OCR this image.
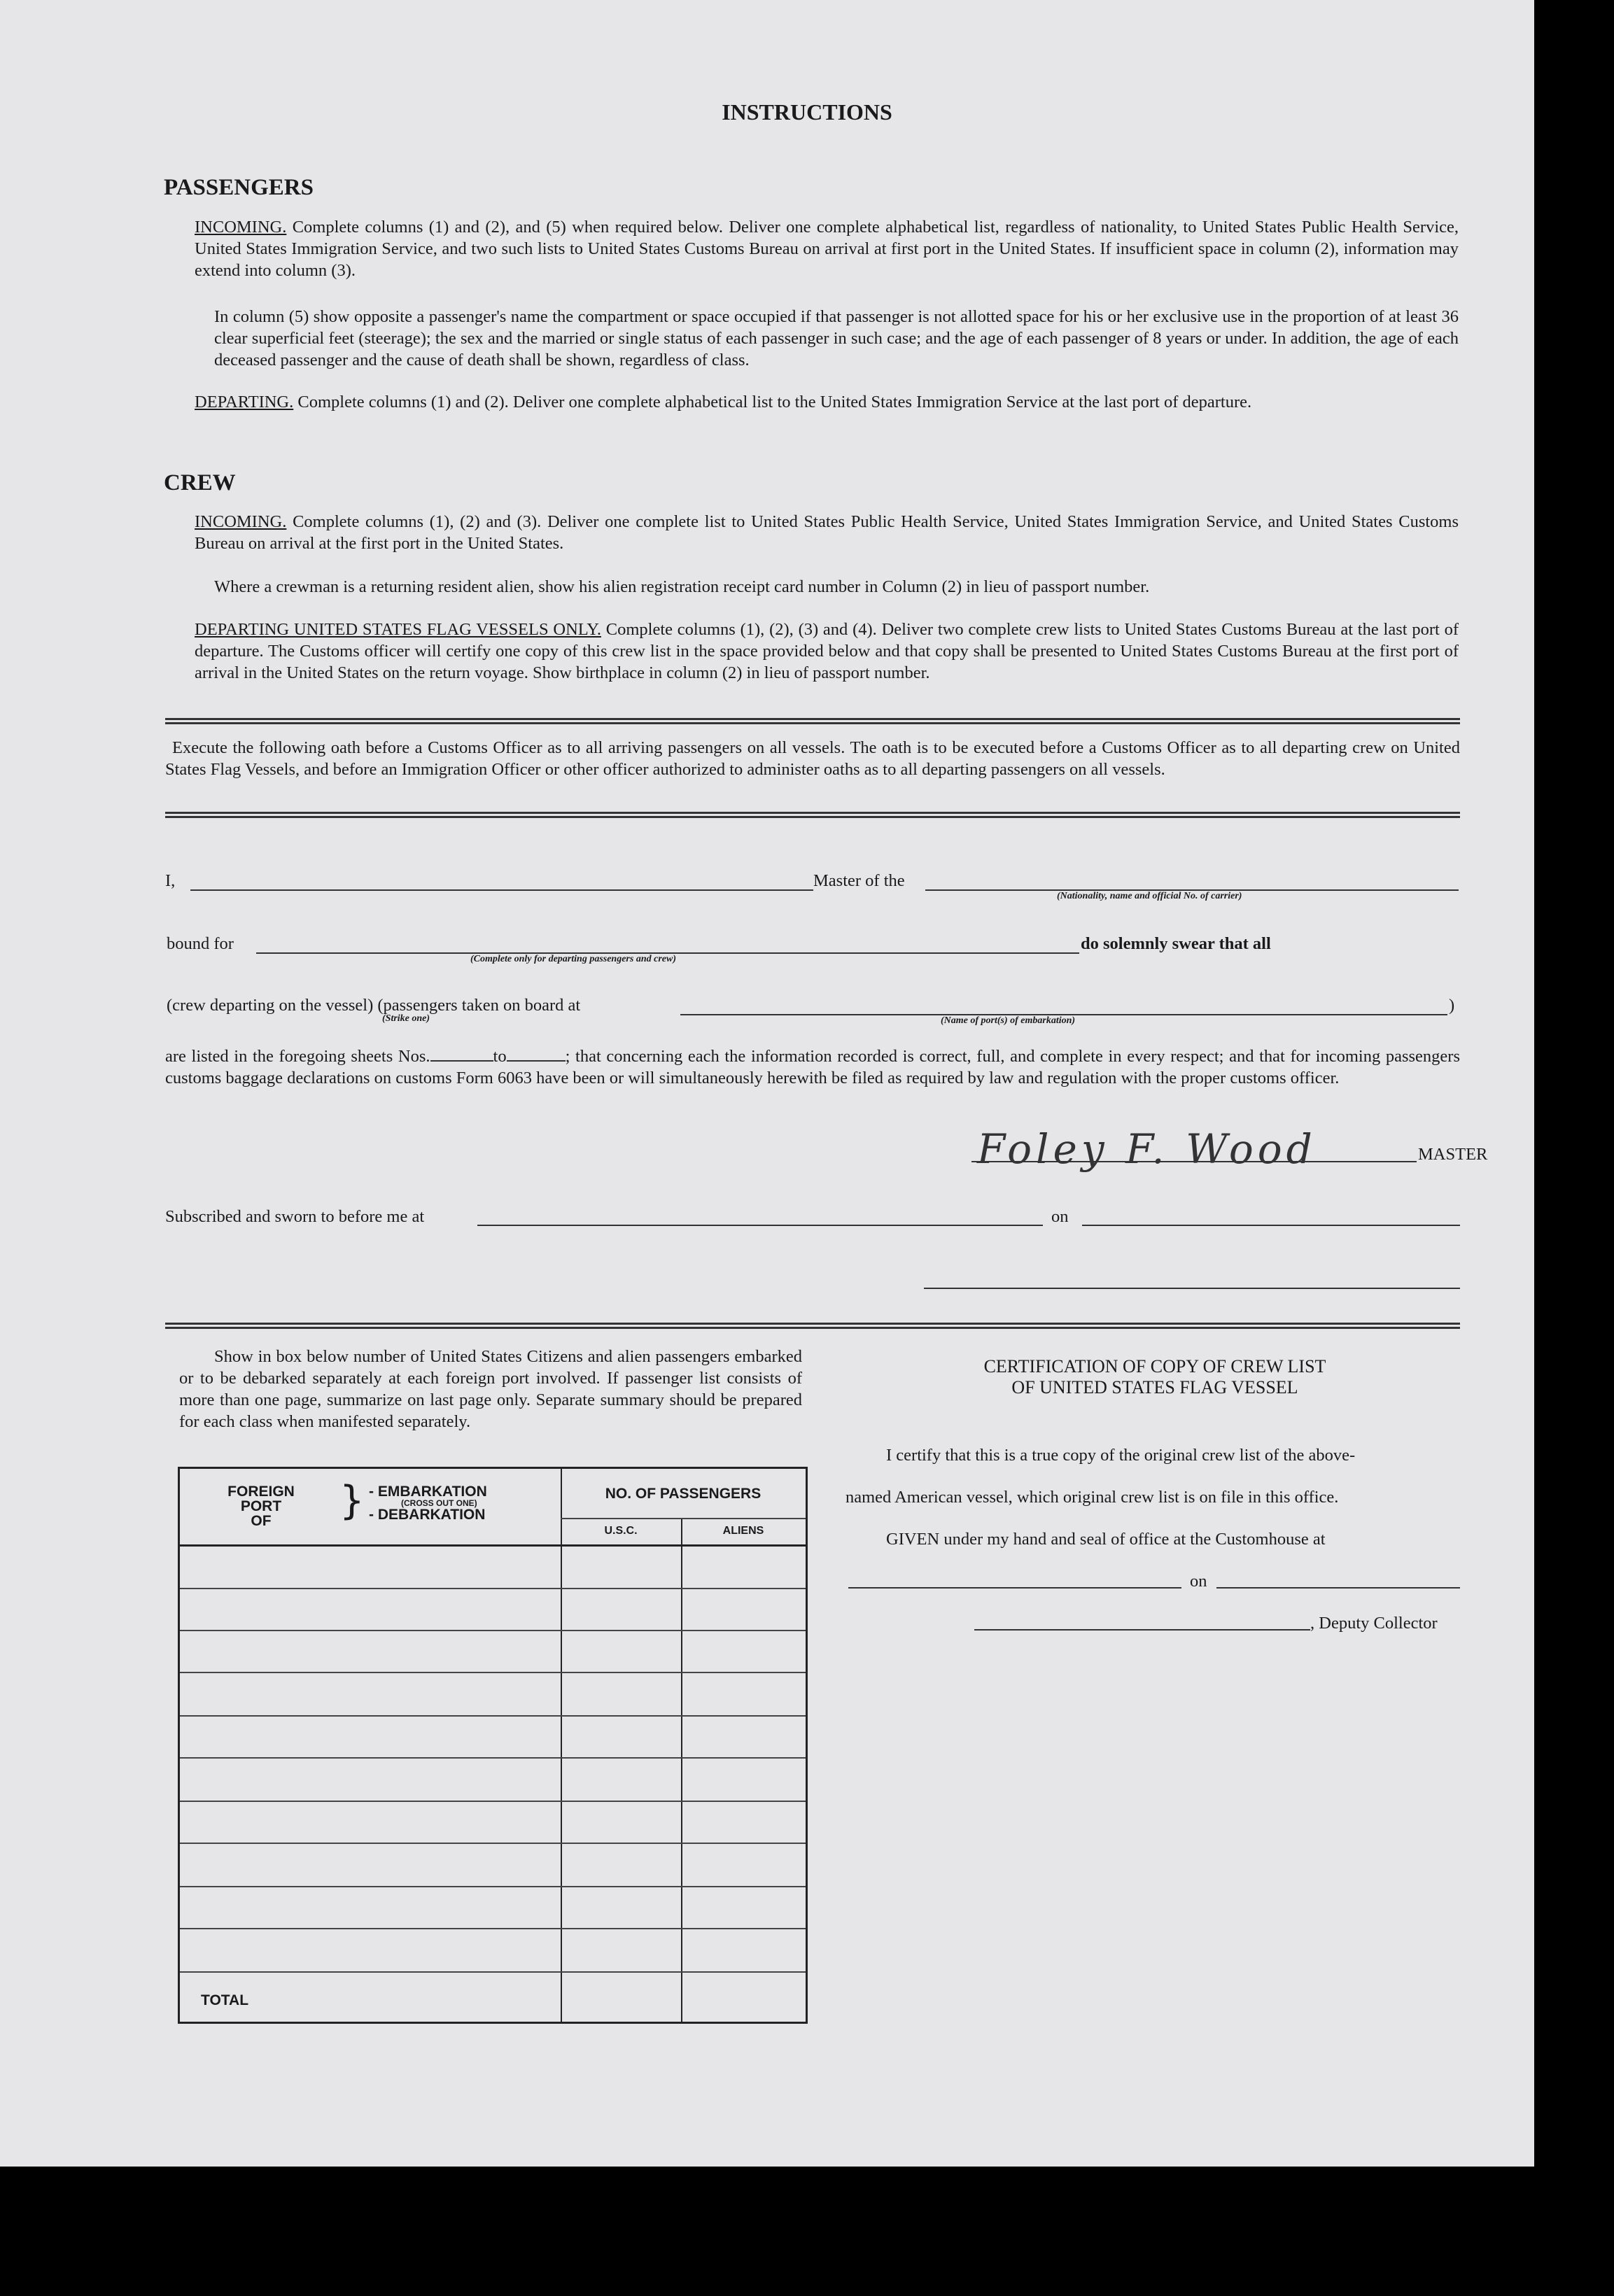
INSTRUCTIONS
PASSENGERS
INCOMING. Complete columns (1) and (2), and (5) when required below. Deliver one complete alphabetical list, regardless of nationality, to United States Public Health Service, United States Immigration Service, and two such lists to United States Customs Bureau on arrival at first port in the United States. If insufficient space in column (2), information may extend into column (3).
In column (5) show opposite a passenger's name the compartment or space occupied if that passenger is not allotted space for his or her exclusive use in the proportion of at least 36 clear superficial feet (steerage); the sex and the married or single status of each passenger in such case; and the age of each passenger of 8 years or under. In addition, the age of each deceased passenger and the cause of death shall be shown, regardless of class.
DEPARTING. Complete columns (1) and (2). Deliver one complete alphabetical list to the United States Immigration Service at the last port of departure.
CREW
INCOMING. Complete columns (1), (2) and (3). Deliver one complete list to United States Public Health Service, United States Immigration Service, and United States Customs Bureau on arrival at the first port in the United States.
Where a crewman is a returning resident alien, show his alien registration receipt card number in Column (2) in lieu of passport number.
DEPARTING UNITED STATES FLAG VESSELS ONLY. Complete columns (1), (2), (3) and (4). Deliver two complete crew lists to United States Customs Bureau at the last port of departure. The Customs officer will certify one copy of this crew list in the space provided below and that copy shall be presented to United States Customs Bureau at the first port of arrival in the United States on the return voyage. Show birthplace in column (2) in lieu of passport number.
Execute the following oath before a Customs Officer as to all arriving passengers on all vessels. The oath is to be executed before a Customs Officer as to all departing crew on United States Flag Vessels, and before an Immigration Officer or other officer authorized to administer oaths as to all departing passengers on all vessels.
I,	Master of the
(Nationality, name and official No. of carrier)
bound for
(Complete only for departing passengers and crew)
do solemnly swear that all
(crew departing on the vessel) (passengers taken on board at
(Strike one)	(Name of port(s) of embarkation)
)
are listed in the foregoing sheets Nos.	to	; that concerning each the information recorded is correct, full, and complete in every respect; and that for incoming passengers customs baggage declarations on customs Form 6063 have been or will simultaneously herewith be filed as required by law and regulation with the proper customs officer.
Foley F. Wood	MASTER
Subscribed and sworn to before me at	on
Show in box below number of United States Citizens and alien passengers embarked or to be debarked separately at each foreign port involved. If passenger list consists of more than one page, summarize on last page only. Separate summary should be prepared for each class when manifested separately.
FOREIGN
PORT
OF	} - EMBARKATION
(CROSS OUT ONE)
- DEBARKATION
NO. OF PASSENGERS
U.S.C.	ALIENS
TOTAL
CERTIFICATION OF COPY OF CREW LIST
OF UNITED STATES FLAG VESSEL
I certify that this is a true copy of the original crew list of the above-
named American vessel, which original crew list is on file in this office.
GIVEN under my hand and seal of office at the Customhouse at
on
, Deputy Collector
